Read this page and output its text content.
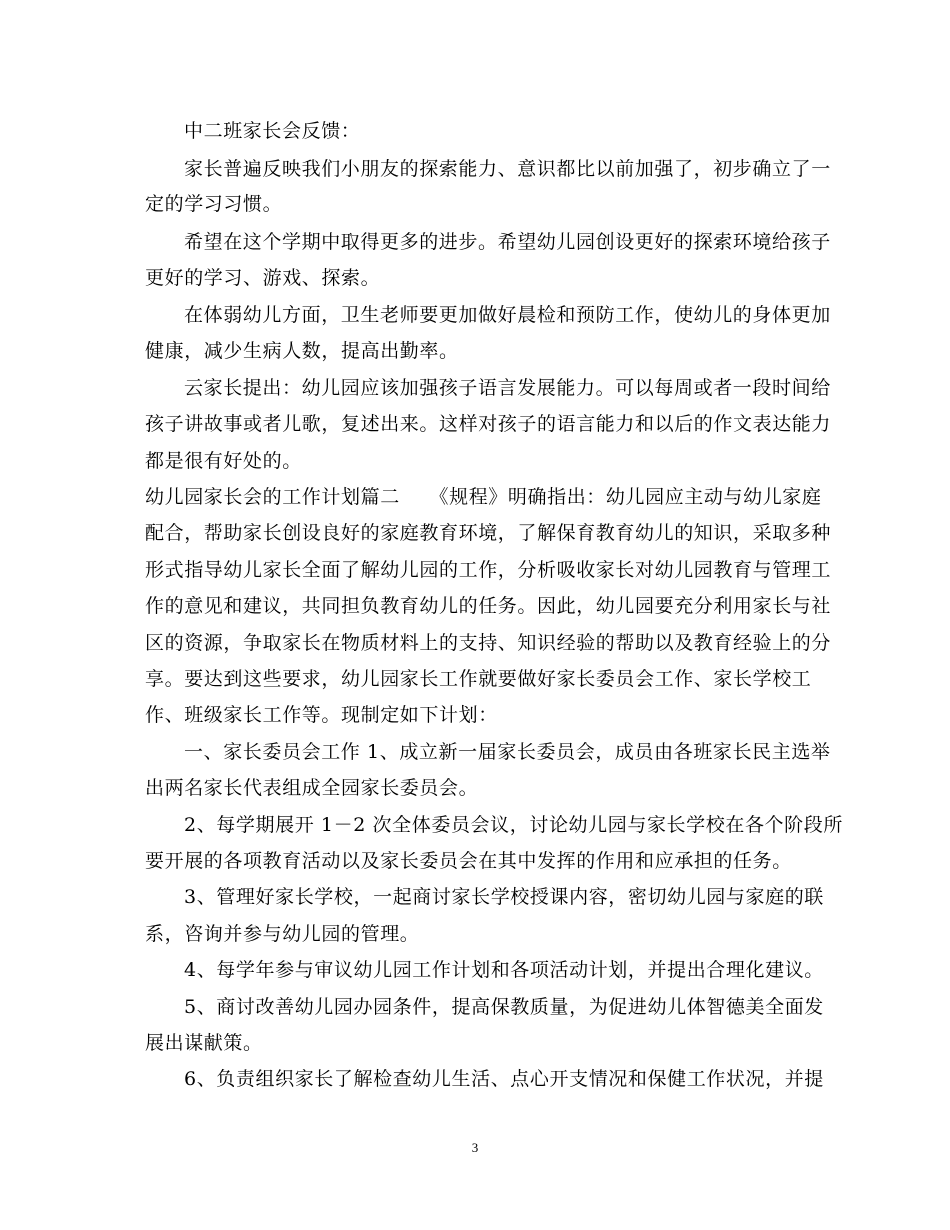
中二班家长会反馈：
家长普遍反映我们小朋友的探索能力、意识都比以前加强了，初步确立了一
定的学习习惯。
希望在这个学期中取得更多的进步。希望幼儿园创设更好的探索环境给孩子
更好的学习、游戏、探索。
在体弱幼儿方面，卫生老师要更加做好晨检和预防工作，使幼儿的身体更加
健康，减少生病人数，提高出勤率。
云家长提出：幼儿园应该加强孩子语言发展能力。可以每周或者一段时间给
孩子讲故事或者儿歌，复述出来。这样对孩子的语言能力和以后的作文表达能力
都是很有好处的。
幼儿园家长会的工作计划篇二　　《规程》明确指出：幼儿园应主动与幼儿家庭
配合，帮助家长创设良好的家庭教育环境，了解保育教育幼儿的知识，采取多种
形式指导幼儿家长全面了解幼儿园的工作，分析吸收家长对幼儿园教育与管理工
作的意见和建议，共同担负教育幼儿的任务。因此，幼儿园要充分利用家长与社
区的资源，争取家长在物质材料上的支持、知识经验的帮助以及教育经验上的分
享。要达到这些要求，幼儿园家长工作就要做好家长委员会工作、家长学校工
作、班级家长工作等。现制定如下计划：
一、家长委员会工作 1、成立新一届家长委员会，成员由各班家长民主选举
出两名家长代表组成全园家长委员会。
2、每学期展开 1－2 次全体委员会议，讨论幼儿园与家长学校在各个阶段所
要开展的各项教育活动以及家长委员会在其中发挥的作用和应承担的任务。
3、管理好家长学校，一起商讨家长学校授课内容，密切幼儿园与家庭的联
系，咨询并参与幼儿园的管理。
4、每学年参与审议幼儿园工作计划和各项活动计划，并提出合理化建议。
5、商讨改善幼儿园办园条件，提高保教质量，为促进幼儿体智德美全面发
展出谋献策。
6、负责组织家长了解检查幼儿生活、点心开支情况和保健工作状况，并提
3
